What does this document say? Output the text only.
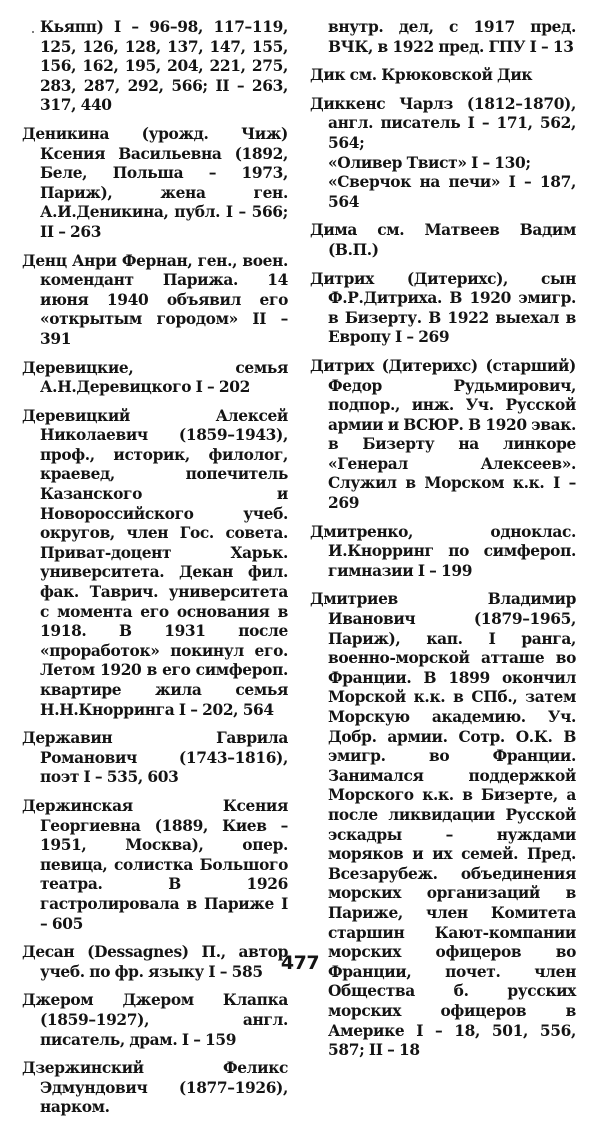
Кьяпп) I – 96–98, 117–119, 125, 126, 128, 137, 147, 155, 156, 162, 195, 204, 221, 275, 283, 287, 292, 566; II – 263, 317, 440

Деникина (урожд. Чиж) Ксения Васильевна (1892, Беле, Польша – 1973, Париж), жена ген. А.И.Деникина, публ. I – 566; II – 263

Денц Анри Фернан, ген., воен. комендант Парижа. 14 июня 1940 объявил его «открытым городом» II – 391

Деревицкие, семья А.Н.Деревицкого I – 202

Деревицкий Алексей Николаевич (1859–1943), проф., историк, филолог, краевед, попечитель Казанского и Новороссийского учеб. округов, член Гос. совета. Приват-доцент Харьк. университета. Декан фил. фак. Таврич. университета с момента его основания в 1918. В 1931 после «проработок» покинул его. Летом 1920 в его симфероп. квартире жила семья Н.Н.Кнорринга I – 202, 564

Державин Гаврила Романович (1743–1816), поэт I – 535, 603

Держинская Ксения Георгиевна (1889, Киев – 1951, Москва), опер. певица, солистка Большого театра. В 1926 гастролировала в Париже I – 605

Десан (Dessagnes) П., автор учеб. по фр. языку I – 585

Джером Джером Клапка (1859–1927), англ. писатель, драм. I – 159

Дзержинский Феликс Эдмундович (1877–1926), нарком.

внутр. дел, с 1917 пред. ВЧК, в 1922 пред. ГПУ I – 13

Дик см. Крюковской Дик

Диккенс Чарлз (1812–1870), англ. писатель I – 171, 562, 564;
«Оливер Твист» I – 130;
«Сверчок на печи» I – 187, 564

Дима см. Матвеев Вадим (В.П.)

Дитрих (Дитерихс), сын Ф.Р.Дитриха. В 1920 эмигр. в Бизерту. В 1922 выехал в Европу I – 269

Дитрих (Дитерихс) (старший) Федор Рудьмирович, подпор., инж. Уч. Русской армии и ВСЮР. В 1920 эвак. в Бизерту на линкоре «Генерал Алексеев». Служил в Морском к.к. I – 269

Дмитренко, одноклас. И.Кнорринг по симфероп. гимназии I – 199

Дмитриев Владимир Иванович (1879–1965, Париж), кап. I ранга, военно-морской атташе во Франции. В 1899 окончил Морской к.к. в СПб., затем Морскую академию. Уч. Добр. армии. Сотр. О.К. В эмигр. во Франции. Занимался поддержкой Морского к.к. в Бизерте, а после ликвидации Русской эскадры – нуждами моряков и их семей. Пред. Всезарубеж. объединения морских организаций в Париже, член Комитета старшин Кают-компании морских офицеров во Франции, почет. член Общества б. русских морских офицеров в Америке I – 18, 501, 556, 587; II – 18

477
